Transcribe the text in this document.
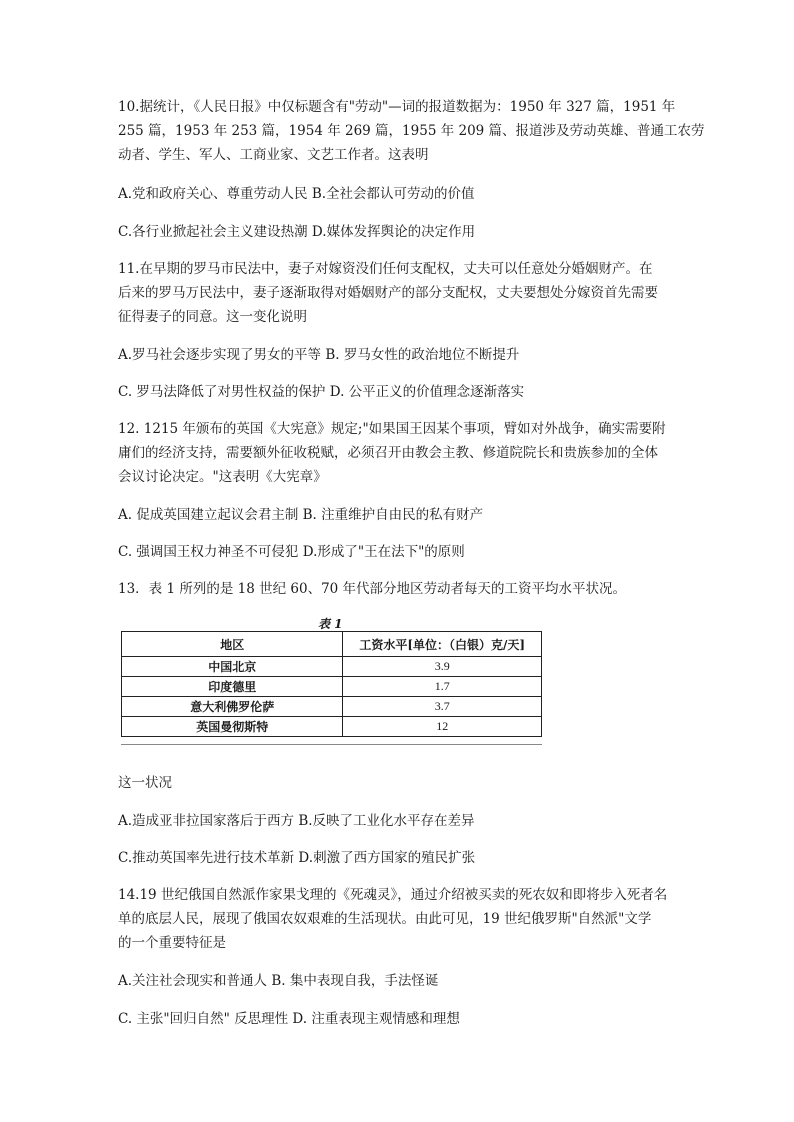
10.据统计，《人民日报》中仅标题含有"劳动"—词的报道数据为：1950 年 327 篇，1951 年
255 篇，1953 年 253 篇，1954 年 269 篇，1955 年 209 篇、报道涉及劳动英雄、普通工农劳
动者、学生、军人、工商业家、文艺工作者。这表明
A.党和政府关心、尊重劳动人民 B.全社会都认可劳动的价值
C.各行业掀起社会主义建设热潮 D.媒体发挥舆论的决定作用
11.在早期的罗马市民法中，妻子对嫁资没们任何支配权，丈夫可以任意处分婚姻财产。在
后来的罗马万民法中，妻子逐渐取得对婚姻财产的部分支配权，丈夫要想处分嫁资首先需要
征得妻子的同意。这一变化说明
A.罗马社会逐步实现了男女的平等 B. 罗马女性的政治地位不断提升
C. 罗马法降低了对男性权益的保护 D. 公平正义的价值理念逐渐落实
12. 1215 年颁布的英国《大宪意》规定;"如果国王因某个事项，臂如对外战争，确实需要附
庸们的经济支持，需要额外征收税赋，必须召开由教会主教、修道院院长和贵族参加的全体
会议讨论决定。"这表明《大宪章》
A. 促成英国建立起议会君主制 B. 注重维护自由民的私有财产
C. 强调国王权力神圣不可侵犯 D.形成了"王在法下"的原则
13．表 1 所列的是 18 世纪 60、70 年代部分地区劳动者每天的工资平均水平状况。
表 1
地区	工资水平[单位：（白银）克/天]
中国北京	3.9
印度德里	1.7
意大利佛罗伦萨	3.7
英国曼彻斯特	12
这一状况
A.造成亚非拉国家落后于西方 B.反映了工业化水平存在差异
C.推动英国率先进行技术革新 D.刺激了西方国家的殖民扩张
14.19 世纪俄国自然派作家果戈理的《死魂灵》，通过介绍被买卖的死农奴和即将步入死者名
单的底层人民，展现了俄国农奴艰难的生活现状。由此可见，19 世纪俄罗斯"自然派"文学
的一个重要特征是
A.关注社会现实和普通人 B. 集中表现自我，手法怪诞
C. 主张"回归自然" 反思理性 D. 注重表现主观情感和理想
